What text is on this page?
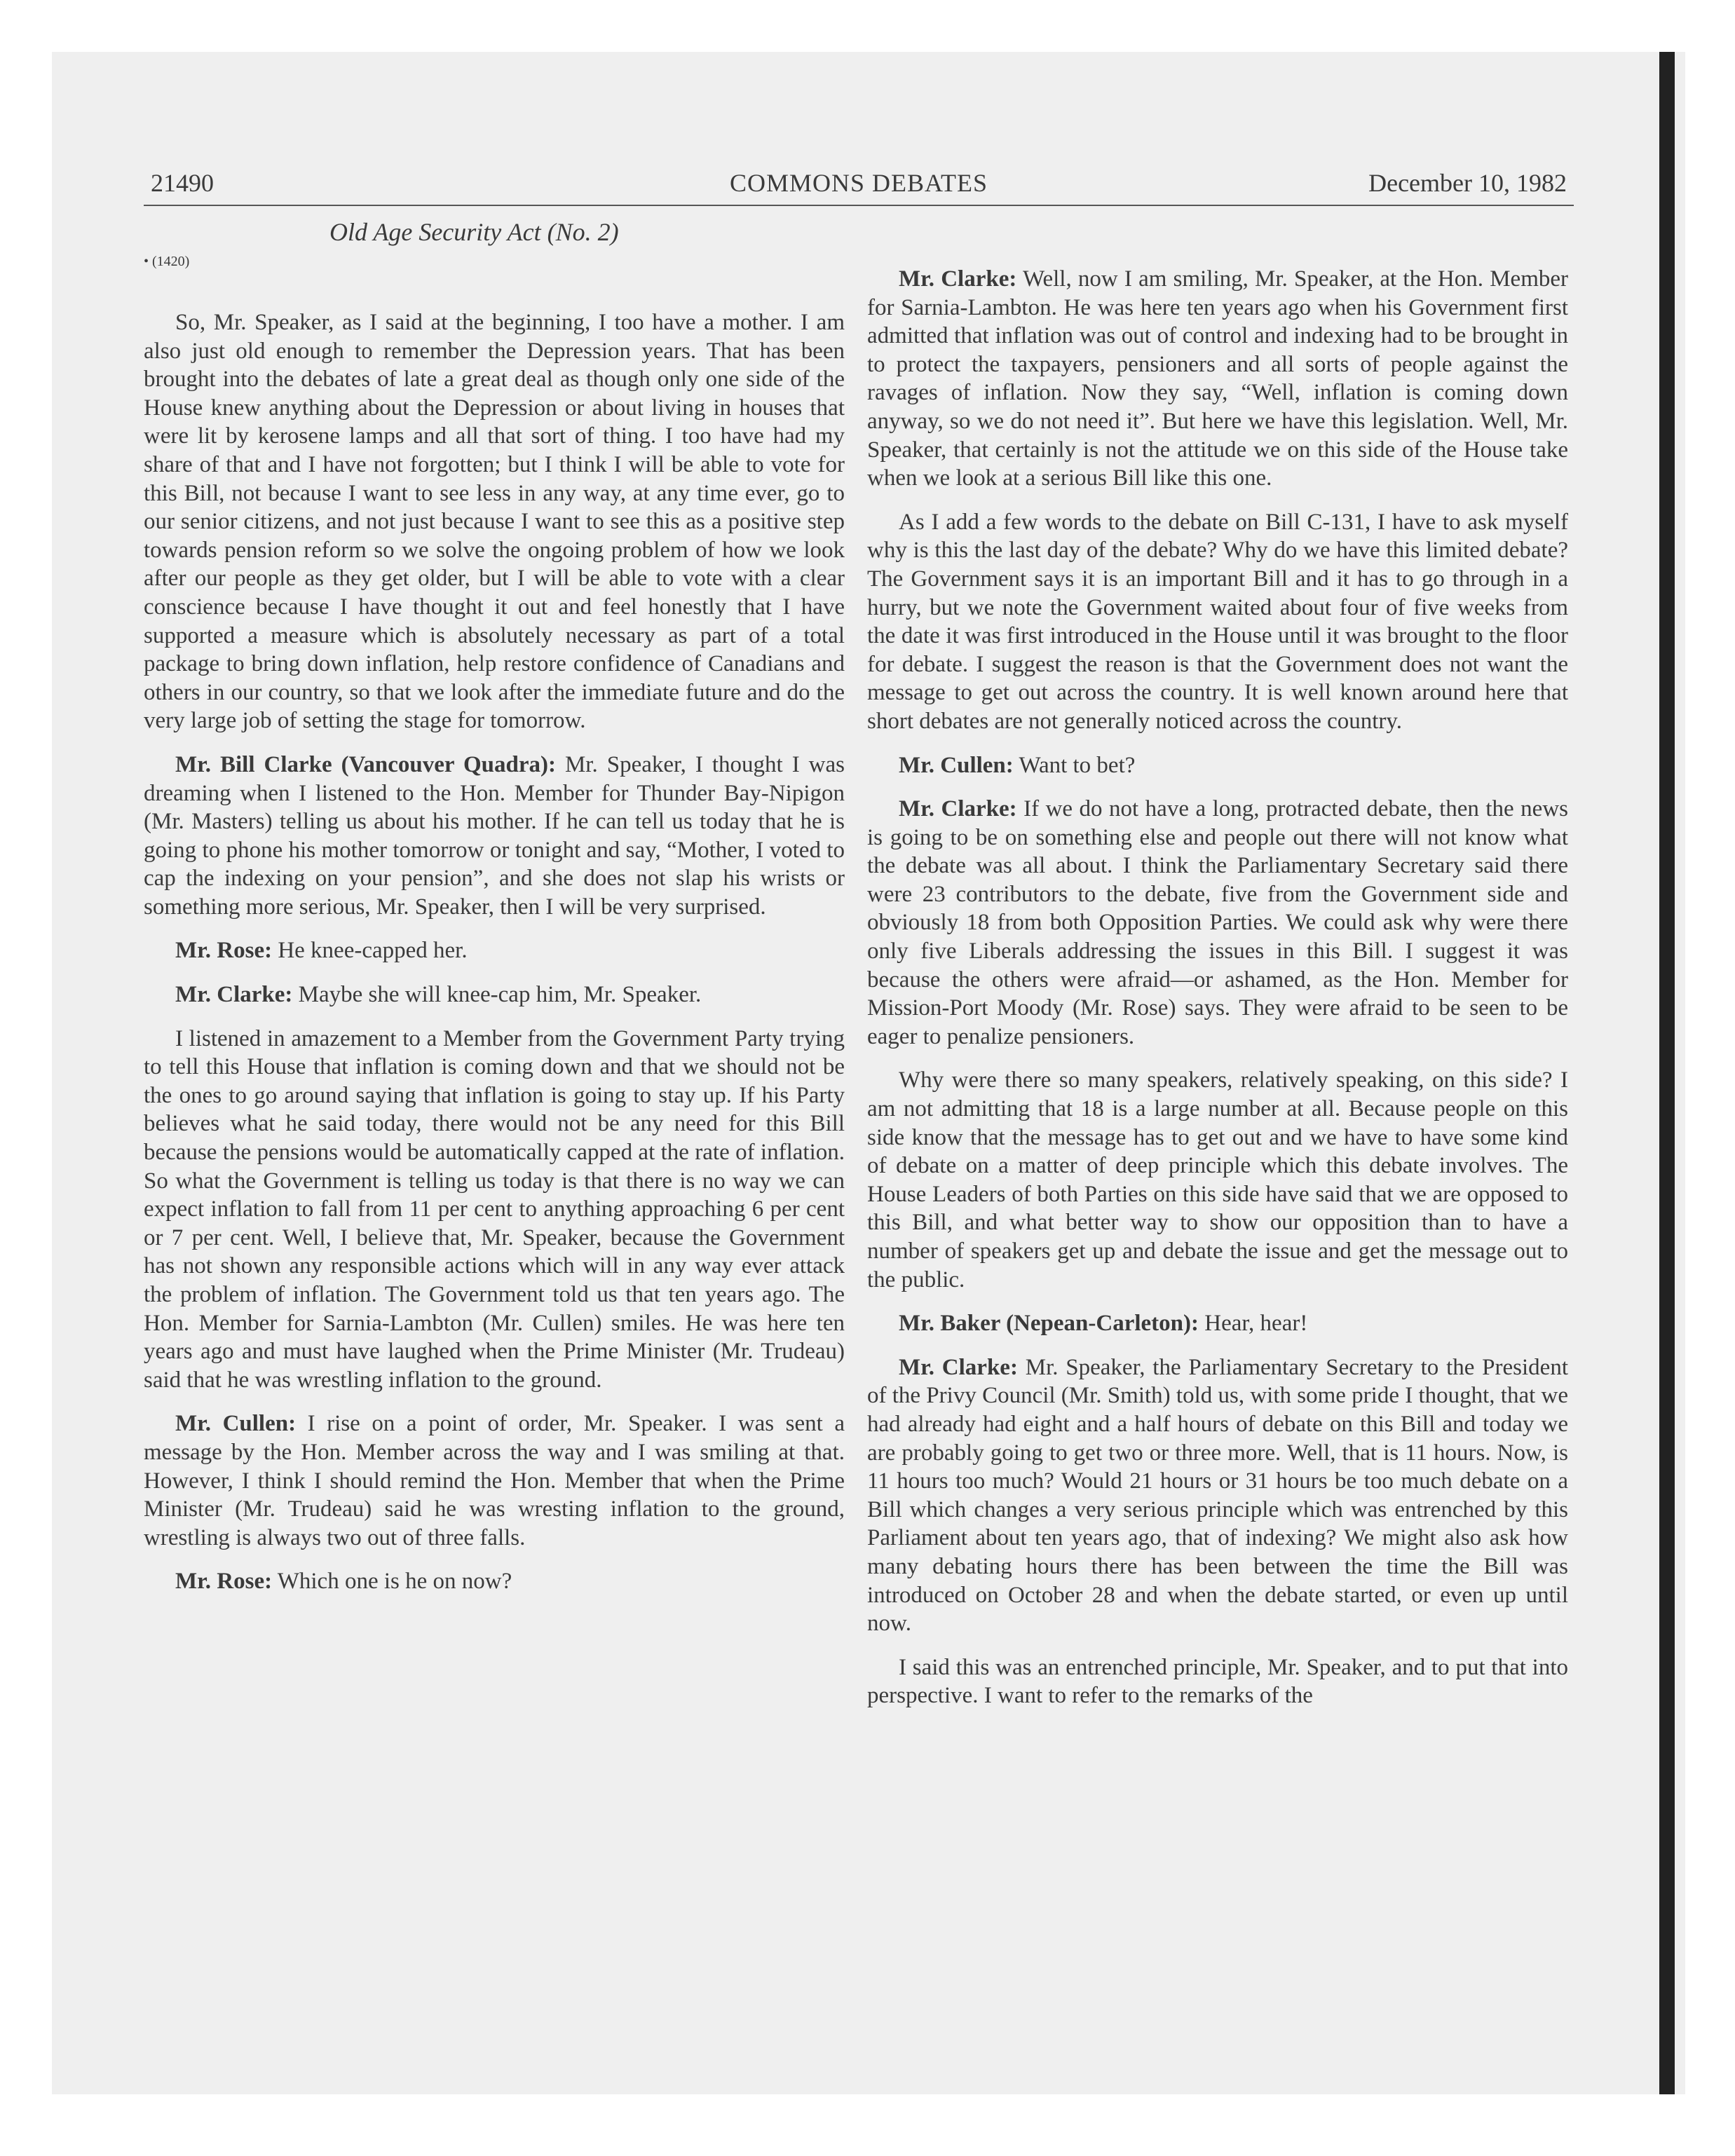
21490	COMMONS DEBATES	December 10, 1982
Old Age Security Act (No. 2)
• (1420)

So, Mr. Speaker, as I said at the beginning, I too have a mother. I am also just old enough to remember the Depression years. That has been brought into the debates of late a great deal as though only one side of the House knew anything about the Depression or about living in houses that were lit by kerosene lamps and all that sort of thing. I too have had my share of that and I have not forgotten; but I think I will be able to vote for this Bill, not because I want to see less in any way, at any time ever, go to our senior citizens, and not just because I want to see this as a positive step towards pension reform so we solve the ongoing problem of how we look after our people as they get older, but I will be able to vote with a clear conscience because I have thought it out and feel honestly that I have supported a measure which is absolutely necessary as part of a total package to bring down inflation, help restore confidence of Canadians and others in our country, so that we look after the immediate future and do the very large job of setting the stage for tomorrow.

Mr. Bill Clarke (Vancouver Quadra): Mr. Speaker, I thought I was dreaming when I listened to the Hon. Member for Thunder Bay-Nipigon (Mr. Masters) telling us about his mother. If he can tell us today that he is going to phone his mother tomorrow or tonight and say, “Mother, I voted to cap the indexing on your pension”, and she does not slap his wrists or something more serious, Mr. Speaker, then I will be very surprised.

Mr. Rose: He knee-capped her.

Mr. Clarke: Maybe she will knee-cap him, Mr. Speaker.

I listened in amazement to a Member from the Government Party trying to tell this House that inflation is coming down and that we should not be the ones to go around saying that inflation is going to stay up. If his Party believes what he said today, there would not be any need for this Bill because the pensions would be automatically capped at the rate of inflation. So what the Government is telling us today is that there is no way we can expect inflation to fall from 11 per cent to anything approaching 6 per cent or 7 per cent. Well, I believe that, Mr. Speaker, because the Government has not shown any responsible actions which will in any way ever attack the problem of inflation. The Government told us that ten years ago. The Hon. Member for Sarnia-Lambton (Mr. Cullen) smiles. He was here ten years ago and must have laughed when the Prime Minister (Mr. Trudeau) said that he was wrestling inflation to the ground.

Mr. Cullen: I rise on a point of order, Mr. Speaker. I was sent a message by the Hon. Member across the way and I was smiling at that. However, I think I should remind the Hon. Member that when the Prime Minister (Mr. Trudeau) said he was wresting inflation to the ground, wrestling is always two out of three falls.

Mr. Rose: Which one is he on now?

Mr. Clarke: Well, now I am smiling, Mr. Speaker, at the Hon. Member for Sarnia-Lambton. He was here ten years ago when his Government first admitted that inflation was out of control and indexing had to be brought in to protect the taxpayers, pensioners and all sorts of people against the ravages of inflation. Now they say, “Well, inflation is coming down anyway, so we do not need it”. But here we have this legislation. Well, Mr. Speaker, that certainly is not the attitude we on this side of the House take when we look at a serious Bill like this one.

As I add a few words to the debate on Bill C-131, I have to ask myself why is this the last day of the debate? Why do we have this limited debate? The Government says it is an important Bill and it has to go through in a hurry, but we note the Government waited about four of five weeks from the date it was first introduced in the House until it was brought to the floor for debate. I suggest the reason is that the Government does not want the message to get out across the country. It is well known around here that short debates are not generally noticed across the country.

Mr. Cullen: Want to bet?

Mr. Clarke: If we do not have a long, protracted debate, then the news is going to be on something else and people out there will not know what the debate was all about. I think the Parliamentary Secretary said there were 23 contributors to the debate, five from the Government side and obviously 18 from both Opposition Parties. We could ask why were there only five Liberals addressing the issues in this Bill. I suggest it was because the others were afraid—or ashamed, as the Hon. Member for Mission-Port Moody (Mr. Rose) says. They were afraid to be seen to be eager to penalize pensioners.

Why were there so many speakers, relatively speaking, on this side? I am not admitting that 18 is a large number at all. Because people on this side know that the message has to get out and we have to have some kind of debate on a matter of deep principle which this debate involves. The House Leaders of both Parties on this side have said that we are opposed to this Bill, and what better way to show our opposition than to have a number of speakers get up and debate the issue and get the message out to the public.

Mr. Baker (Nepean-Carleton): Hear, hear!

Mr. Clarke: Mr. Speaker, the Parliamentary Secretary to the President of the Privy Council (Mr. Smith) told us, with some pride I thought, that we had already had eight and a half hours of debate on this Bill and today we are probably going to get two or three more. Well, that is 11 hours. Now, is 11 hours too much? Would 21 hours or 31 hours be too much debate on a Bill which changes a very serious principle which was entrenched by this Parliament about ten years ago, that of indexing? We might also ask how many debating hours there has been between the time the Bill was introduced on October 28 and when the debate started, or even up until now.

I said this was an entrenched principle, Mr. Speaker, and to put that into perspective. I want to refer to the remarks of the
